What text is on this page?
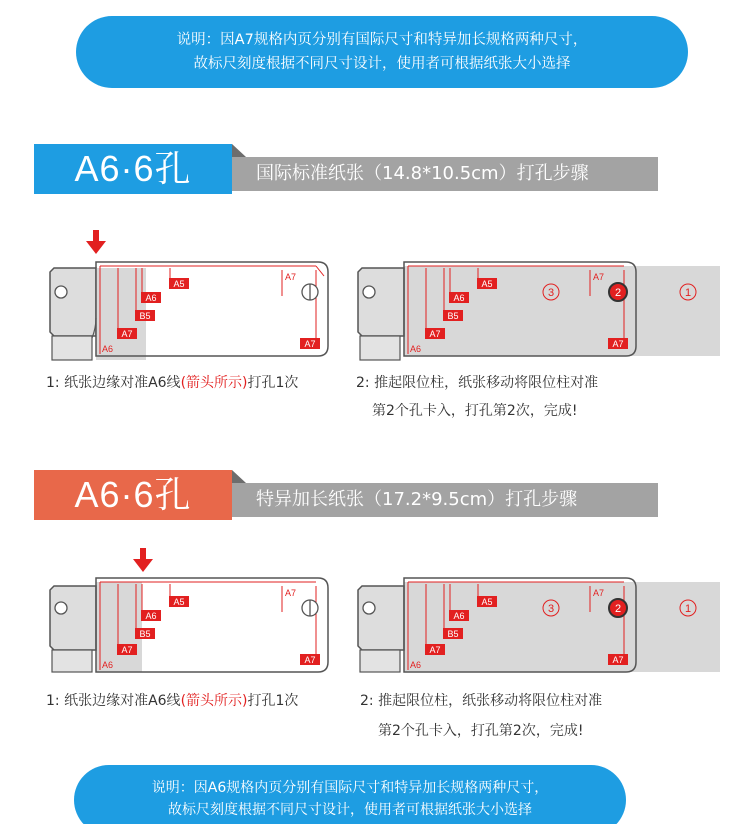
说明：因A7规格内页分别有国际尺寸和特异加长规格两种尺寸，
故标尺刻度根据不同尺寸设计，使用者可根据纸张大小选择
A6·6孔	国际标准纸张（14.8*10.5cm）打孔步骤
A5
A6
B5
A7
A6
A7
A7
A5
A6
B5
A7
A6
A7
A7
3	2	1
1: 纸张边缘对准A6线(箭头所示)打孔1次	2: 推起限位柱，纸张移动将限位柱对准
第2个孔卡入，打孔第2次，完成!
A6·6孔	特异加长纸张（17.2*9.5cm）打孔步骤
A5
A6
B5
A7
A6
A7
A7
A5
A6
B5
A7
A6
A7
A7
3	2	1
1: 纸张边缘对准A6线(箭头所示)打孔1次	2: 推起限位柱，纸张移动将限位柱对准
第2个孔卡入，打孔第2次，完成!
说明：因A6规格内页分别有国际尺寸和特异加长规格两种尺寸，
故标尺刻度根据不同尺寸设计，使用者可根据纸张大小选择
